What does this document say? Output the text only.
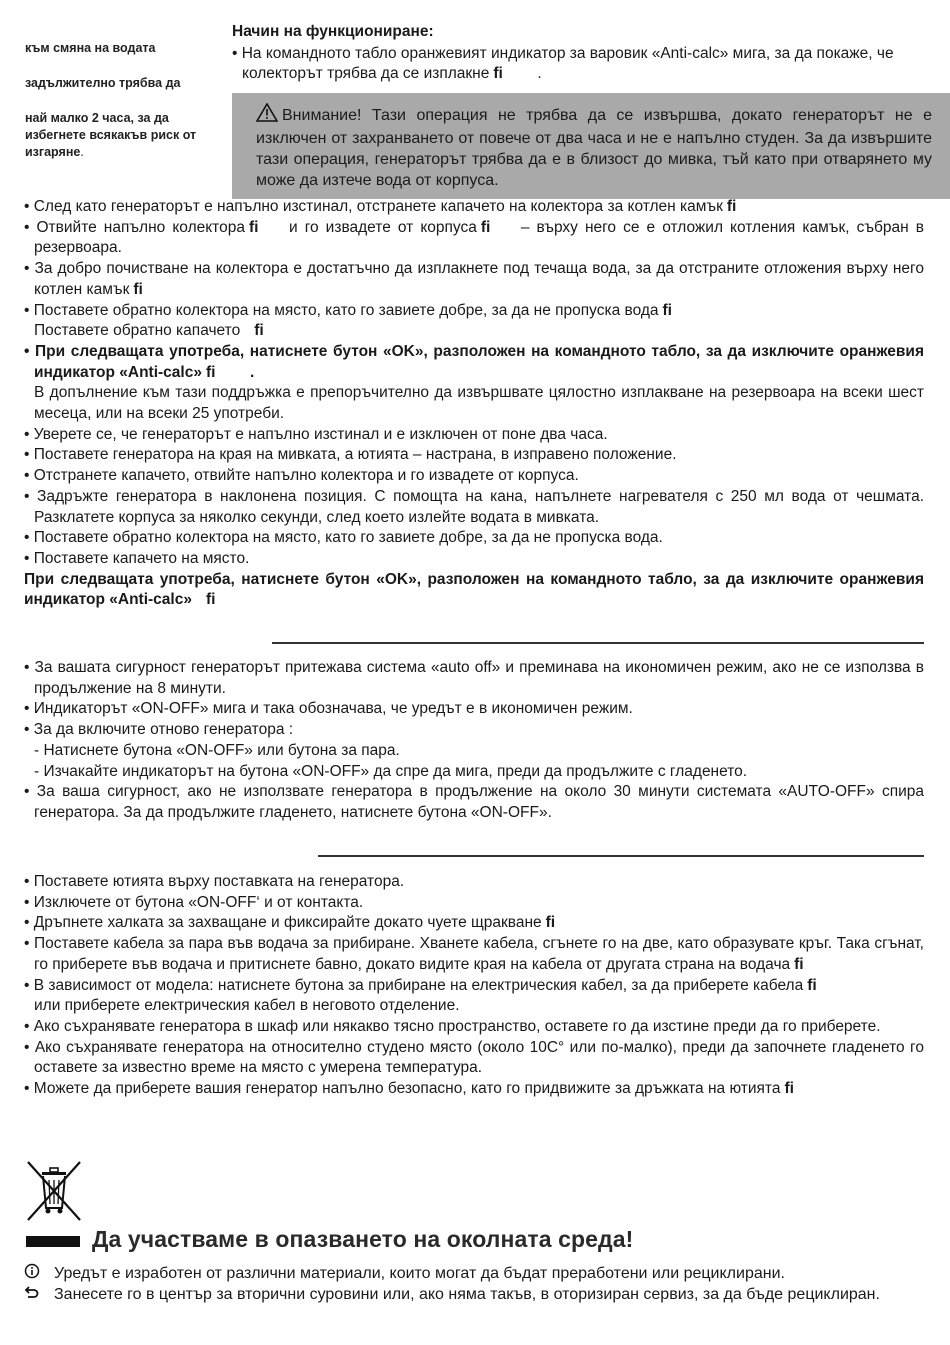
към смяна на водата

задължително трябва да

най малко 2 часа, за да избегнете всякакъв риск от изгаряне.

Начин на функциониране:
• На командното табло оранжевият индикатор за варовик «Anti-calc» мига, за да покаже, че колекторът трябва да се изплакне ﬁ .
Внимание! Тази операция не трябва да се извършва, докато генераторът не е изключен от захранването от повече от два часа и не е напълно студен. За да извършите тази операция, генераторът трябва да е в близост до мивка, тъй като при отварянето му може да изтече вода от корпуса.

• След като генераторът е напълно изстинал, отстранете капачето на колектора за котлен камък ﬁ

• Отвийте напълно колектора ﬁ и го извадете от корпуса ﬁ – върху него се е отложил котления камък, събран в резервоара.

• За добро почистване на колектора е достатъчно да изплакнете под течаща вода, за да отстраните отложения върху него котлен камък ﬁ

• Поставете обратно колектора на място, като го завиете добре, за да не пропуска вода ﬁ

Поставете обратно капачето ﬁ

• При следващата употреба, натиснете бутон «OK», разположен на командното табло, за да изключите оранжевия индикатор «Anti-calc» ﬁ .

В допълнение към тази поддръжка е препоръчително да извършвате цялостно изплакване на резервоара на всеки шест месеца, или на всеки 25 употреби.

• Уверете се, че генераторът е напълно изстинал и е изключен от поне два часа.

• Поставете генератора на края на мивката, а ютията – настрана, в изправено положение.

• Отстранете капачето, отвийте напълно колектора и го извадете от корпуса.

• Задръжте генератора в наклонена позиция. С помощта на кана, напълнете нагревателя с 250 мл вода от чешмата. Разклатете корпуса за няколко секунди, след което излейте водата в мивката.

• Поставете обратно колектора на място, като го завиете добре, за да не пропуска вода.

• Поставете капачето на място.

При следващата употреба, натиснете бутон «OK», разположен на командното табло, за да изключите оранжевия индикатор «Anti-calc» ﬁ

• За вашата сигурност генераторът притежава система «auto off» и преминава на икономичен режим, ако не се използва в продължение на 8 минути.

• Индикаторът «ON-OFF» мига и така обозначава, че уредът е в икономичен режим.

• За да включите отново генератора :

- Натиснете бутона «ON-OFF» или бутона за пара.

- Изчакайте индикаторът на бутона «ON-OFF» да спре да мига, преди да продължите с гладенето.

• За ваша сигурност, ако не използвате генератора в продължение на около 30 минути системата «AUTO-OFF» спира генератора. За да продължите гладенето, натиснете бутона «ON-OFF».

• Поставете ютията върху поставката на генератора.

• Изключете от бутона «ON-OFF‘ и от контакта.

• Дръпнете халката за захващане и фиксирайте докато чуете щракване ﬁ

• Поставете кабела за пара във водача за прибиране. Хванете кабела, сгънете го на две, като образувате кръг. Така сгънат, го приберете във водача и притиснете бавно, докато видите края на кабела от другата страна на водача ﬁ

• В зависимост от модела: натиснете бутона за прибиране на електрическия кабел, за да приберете кабела ﬁ
или приберете електрическия кабел в неговото отделение.

• Ако съхранявате генератора в шкаф или някакво тясно пространство, оставете го да изстине преди да го приберете.

• Ако съхранявате генератора на относително студено място (около 10C° или по-малко), преди да започнете гладенето го оставете за известно време на място с умерена температура.

• Можете да приберете вашия генератор напълно безопасно, като го придвижите за дръжката на ютията ﬁ

Да участваме в опазването на околната среда!
Уредът е изработен от различни материали, които могат да бъдат преработени или рециклирани.
Занесете го в център за вторични суровини или, ако няма такъв, в оторизиран сервиз, за да бъде рециклиран.
